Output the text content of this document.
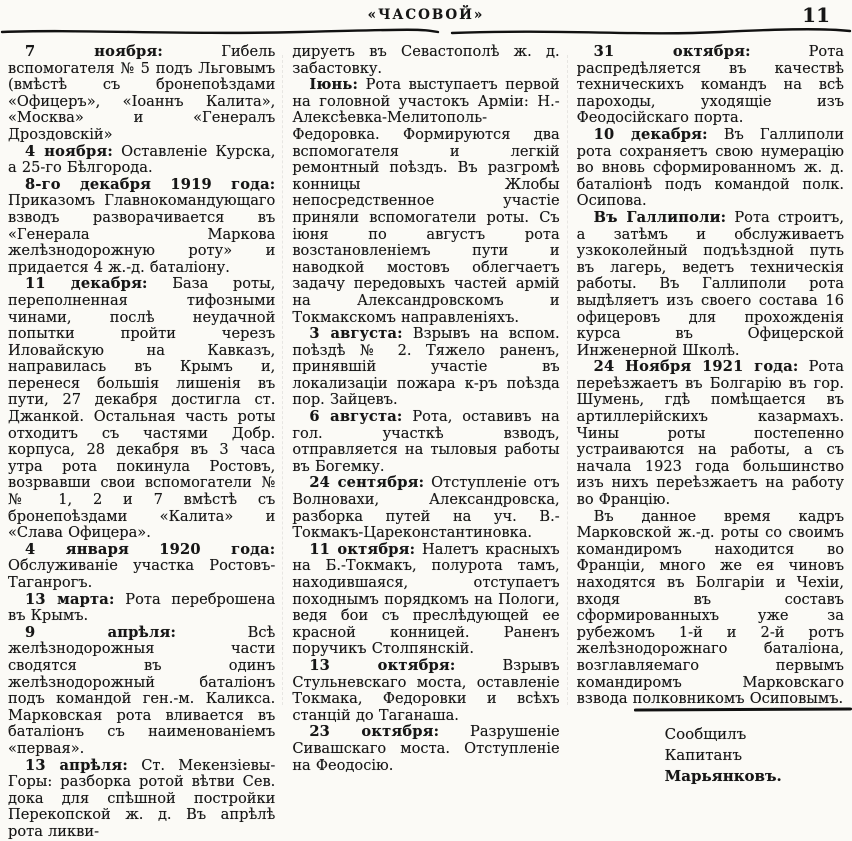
«ЧАСОВОЙ»	11

7 ноября:	Гибель вспомогателя № 5 подъ Льговымъ (вмѣстѣ съ бронепоѣздами «Офицеръ», «Іоаннъ Калита», «Москва» и «Генералъ Дроздовскій»

4 ноября: Оставленіе Курска, а 25-го Бѣлгорода.

8-го декабря 1919 года: Приказомъ Главнокомандующаго взводъ разворачивается въ «Генерала Маркова желѣзнодорожную роту» и придается 4 ж.-д. баталіону.

11 декабря: База роты, переполненная тифозными чинами, послѣ неудачной попытки пройти черезъ Иловайскую на Кавказъ, направилась въ Крымъ и, перенеся большія лишенія въ пути, 27 декабря достигла ст. Джанкой. Остальная часть роты отходитъ съ частями Добр. корпуса, 28 декабря въ 3 часа утра рота покинула Ростовъ, возрвавши свои вспомогатели №№ 1, 2 и 7 вмѣстѣ съ бронепоѣздами «Калита» и «Слава Офицера».

4 января 1920 года: Обслуживаніе участка Ростовъ-Таганрогъ.

13 марта: Рота переброшена въ Крымъ.

9 апрѣля:	Всѣ желѣзнодорожныя части сводятся въ одинъ желѣзнодорожный баталіонъ подъ командой ген.-м. Каликса. Марковская рота вливается въ баталіонъ съ наименованіемъ «первая».

13 апрѣля: Ст. Мекензіевы-Горы: разборка ротой вѣтви Сев. дока для спѣшной постройки Перекопской ж. д. Въ апрѣлѣ рота ликви-

дируетъ въ Севастополѣ ж. д. забастовку.

Іюнь: Рота выступаетъ первой на головной участокъ Арміи: Н.-Алексѣевка-Мелитополь-Федоровка. Формируются два вспомогателя и легкій ремонтный поѣздъ. Въ разгромѣ конницы Жлобы непосредственное участіе приняли вспомогатели роты. Съ іюня по августъ рота возстановленіемъ пути и наводкой мостовъ облегчаетъ задачу передовыхъ частей армій на Александровскомъ и Токмакскомъ направленіяхъ.

3 августа: Взрывъ на вспом. поѣздѣ № 2. Тяжело раненъ, принявшій участіе въ локализаціи пожара к-ръ поѣзда пор. Зайцевъ.

6 августа: Рота, оставивъ на гол. участкѣ взводъ, отправляется на тыловыя работы въ Богемку.

24 сентября: Отступленіе отъ Волновахи, Александровска, разборка путей на уч. В.-Токмакъ-Цареконстантиновка.

11 октября: Налетъ красныхъ на Б.-Токмакъ, полурота тамъ, находившаяся, отступаетъ походнымъ порядкомъ на Пологи, ведя бои съ преслѣдующей ее красной конницей. Раненъ поручикъ Столпянскій.

13 октября:	Взрывъ Стульневскаго моста, оставленіе Токмака, Федоровки и всѣхъ станцій до Таганаша.

23 октября: Разрушеніе Сивашскаго моста. Отступленіе на Феодосію.

31 октября:	Рота распредѣляется въ качествѣ техническихъ командъ на всѣ пароходы, уходящіе изъ Феодосійскаго порта.

10 декабря: Въ Галлиполи рота сохраняетъ свою нумерацію во вновь сформированномъ ж. д. баталіонѣ подъ командой полк. Осипова.

Въ Галлиполи: Рота строитъ, а затѣмъ и обслуживаетъ узкоколейный подъѣздной путь въ лагерь, ведетъ техническія работы. Въ Галлиполи рота выдѣляетъ изъ своего состава 16 офицеровъ для прохожденія курса въ Офицерской Инженерной Школѣ.

24 Ноября 1921 года: Рота переѣзжаетъ въ Болгарію въ гор. Шумень, гдѣ помѣщается въ артиллерійскихъ казармахъ. Чины роты постепенно устраиваются на работы, а съ начала 1923 года большинство изъ нихъ переѣзжаетъ на работу во Францію.

Въ данное время кадръ Марковской ж.-д. роты со своимъ командиромъ находится во Франціи, много же ея чиновъ находятся въ Болгаріи и Чехіи, входя въ составъ сформированныхъ уже за рубежомъ 1-й и 2-й ротъ желѣзнодорожнаго баталіона, возглавляемаго первымъ командиромъ Марковскаго взвода полковникомъ Осиповымъ.

Сообщилъ
Капитанъ Марьянковъ.
